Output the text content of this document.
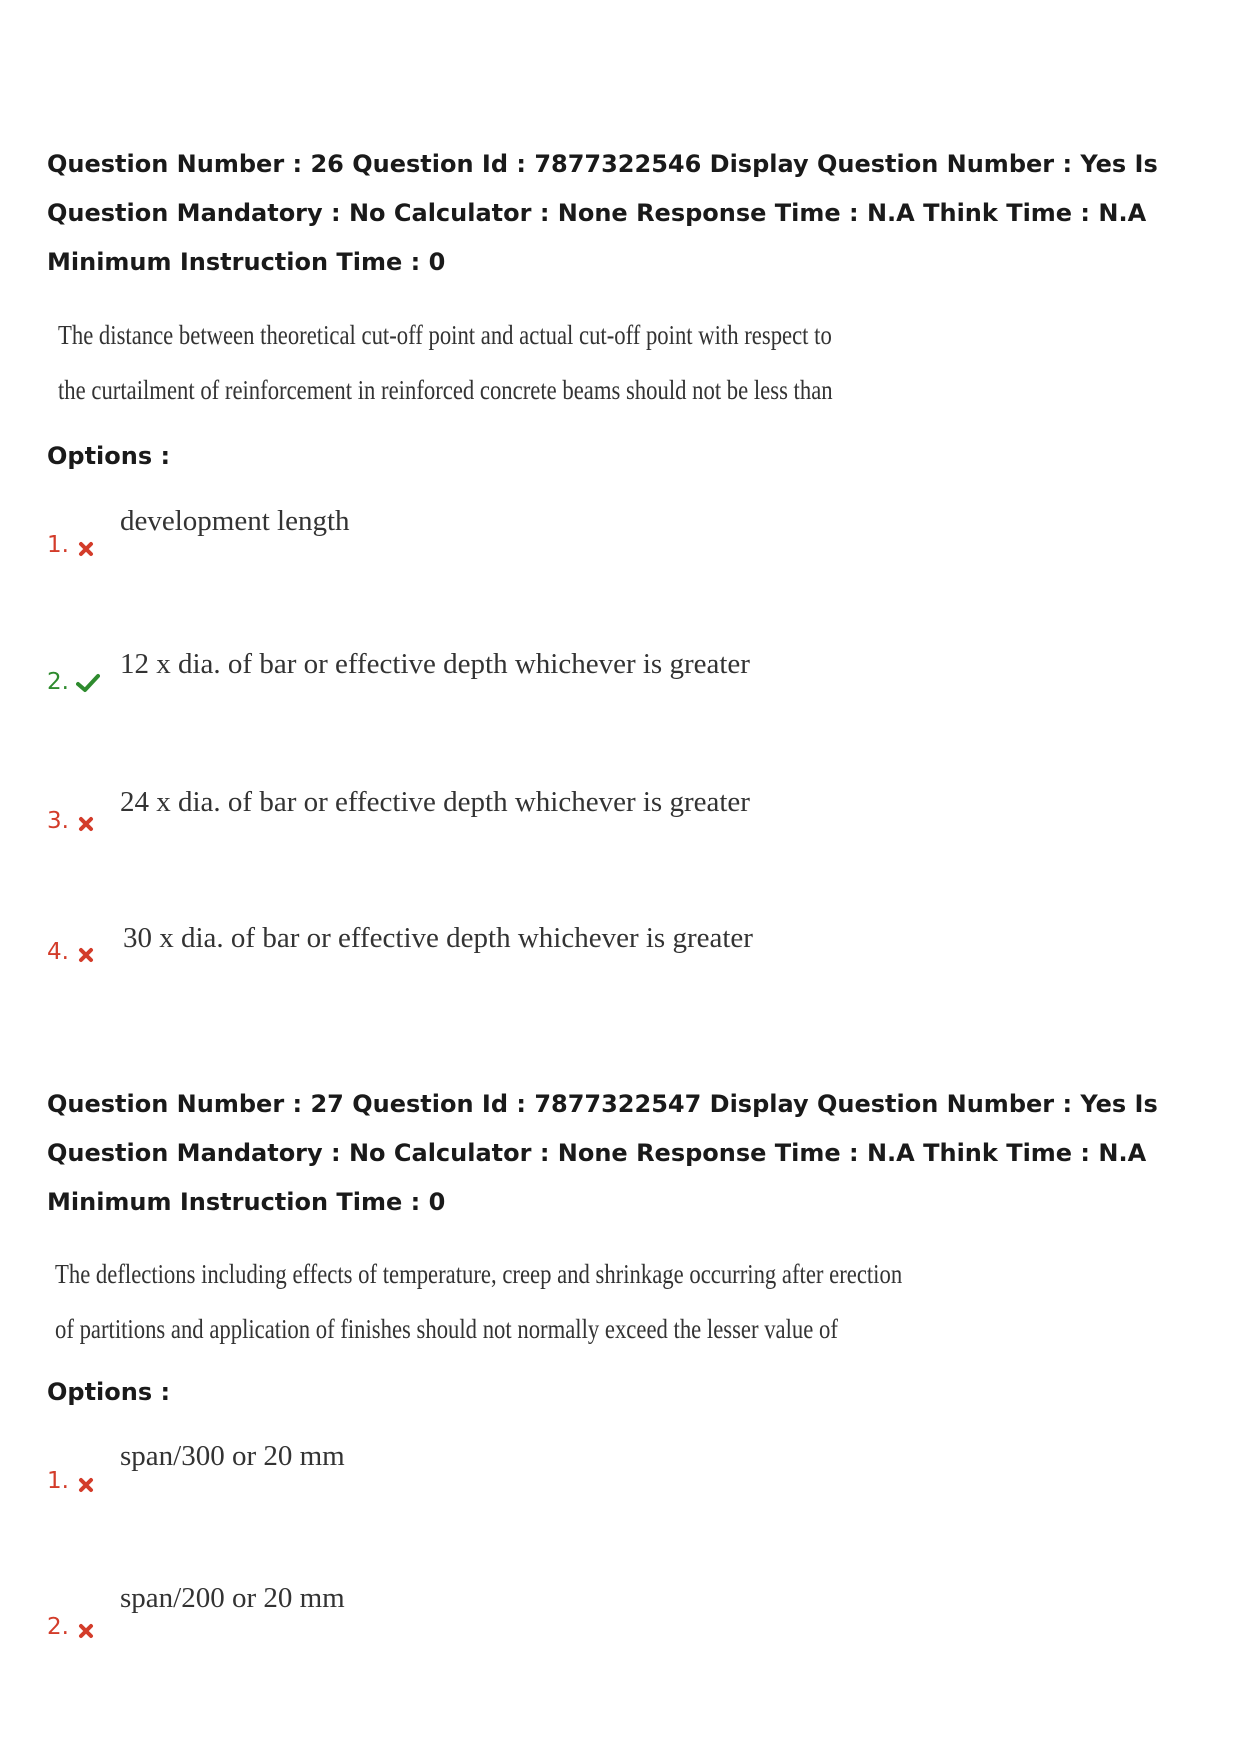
Question Number : 26 Question Id : 7877322546 Display Question Number : Yes Is Question Mandatory : No Calculator : None Response Time : N.A Think Time : N.A Minimum Instruction Time : 0

The distance between theoretical cut-off point and actual cut-off point with respect to
the curtailment of reinforcement in reinforced concrete beams should not be less than
Options :
1.
development length
2.
12 x dia. of bar or effective depth whichever is greater
3.
24 x dia. of bar or effective depth whichever is greater
4. 30 x dia. of bar or effective depth whichever is greater

Question Number : 27 Question Id : 7877322547 Display Question Number : Yes Is Question Mandatory : No Calculator : None Response Time : N.A Think Time : N.A Minimum Instruction Time : 0

The deflections including effects of temperature, creep and shrinkage occurring after erection
of partitions and application of finishes should not normally exceed the lesser value of
Options :
1.
span/300 or 20 mm
2.
span/200 or 20 mm
